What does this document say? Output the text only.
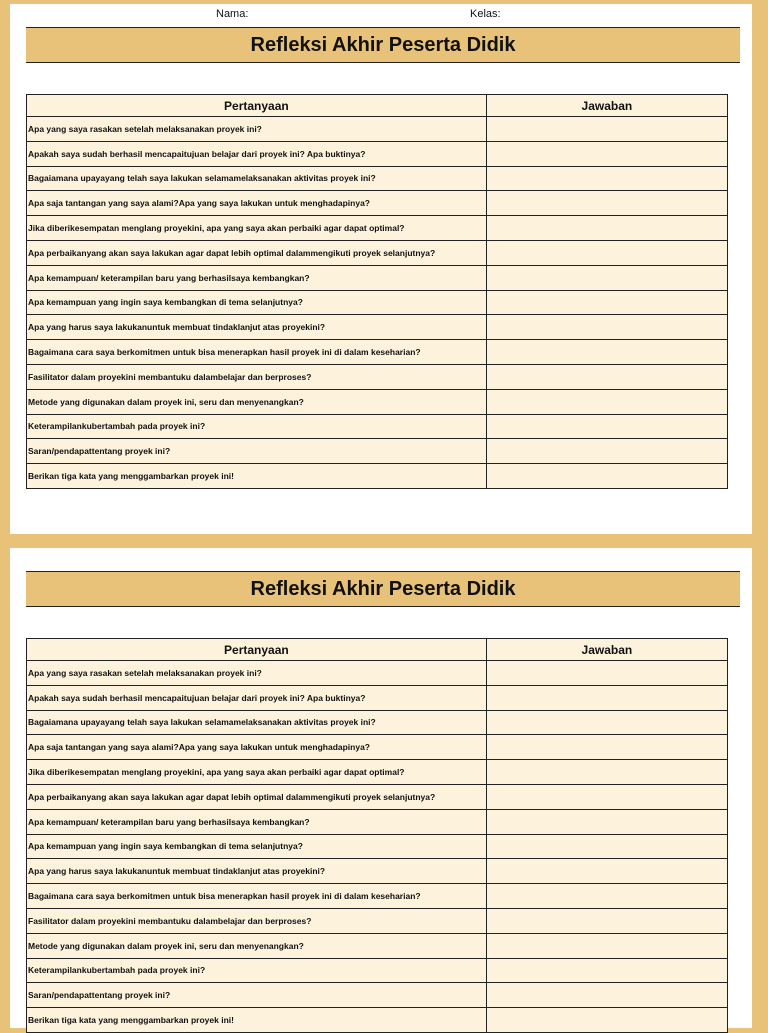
Nama:	Kelas:
Refleksi Akhir Peserta Didik
Pertanyaan	Jawaban
Apa yang saya rasakan setelah melaksanakan proyek ini?	
Apakah saya sudah berhasil mencapaitujuan belajar dari proyek ini? Apa buktinya?	
Bagaiamana upayayang telah saya lakukan selamamelaksanakan aktivitas proyek ini?	
Apa saja tantangan yang saya alami?Apa yang saya lakukan untuk menghadapinya?	
Jika diberikesempatan menglang proyekini, apa yang saya akan perbaiki agar dapat optimal?	
Apa perbaikanyang akan saya lakukan agar dapat lebih optimal dalammengikuti proyek selanjutnya?	
Apa kemampuan/ keterampilan baru yang berhasilsaya kembangkan?	
Apa kemampuan yang ingin saya kembangkan di tema selanjutnya?	
Apa yang harus saya lakukanuntuk membuat tindaklanjut atas proyekini?	
Bagaimana cara saya berkomitmen untuk bisa menerapkan hasil proyek ini di dalam keseharian?	
Fasilitator dalam proyekini membantuku dalambelajar dan berproses?	
Metode yang digunakan dalam proyek ini, seru dan menyenangkan?	
Keterampilankubertambah pada proyek ini?	
Saran/pendapattentang proyek ini?	
Berikan tiga kata yang menggambarkan proyek ini!	
Refleksi Akhir Peserta Didik
Pertanyaan	Jawaban
Apa yang saya rasakan setelah melaksanakan proyek ini?	
Apakah saya sudah berhasil mencapaitujuan belajar dari proyek ini? Apa buktinya?	
Bagaiamana upayayang telah saya lakukan selamamelaksanakan aktivitas proyek ini?	
Apa saja tantangan yang saya alami?Apa yang saya lakukan untuk menghadapinya?	
Jika diberikesempatan menglang proyekini, apa yang saya akan perbaiki agar dapat optimal?	
Apa perbaikanyang akan saya lakukan agar dapat lebih optimal dalammengikuti proyek selanjutnya?	
Apa kemampuan/ keterampilan baru yang berhasilsaya kembangkan?	
Apa kemampuan yang ingin saya kembangkan di tema selanjutnya?	
Apa yang harus saya lakukanuntuk membuat tindaklanjut atas proyekini?	
Bagaimana cara saya berkomitmen untuk bisa menerapkan hasil proyek ini di dalam keseharian?	
Fasilitator dalam proyekini membantuku dalambelajar dan berproses?	
Metode yang digunakan dalam proyek ini, seru dan menyenangkan?	
Keterampilankubertambah pada proyek ini?	
Saran/pendapattentang proyek ini?	
Berikan tiga kata yang menggambarkan proyek ini!	
